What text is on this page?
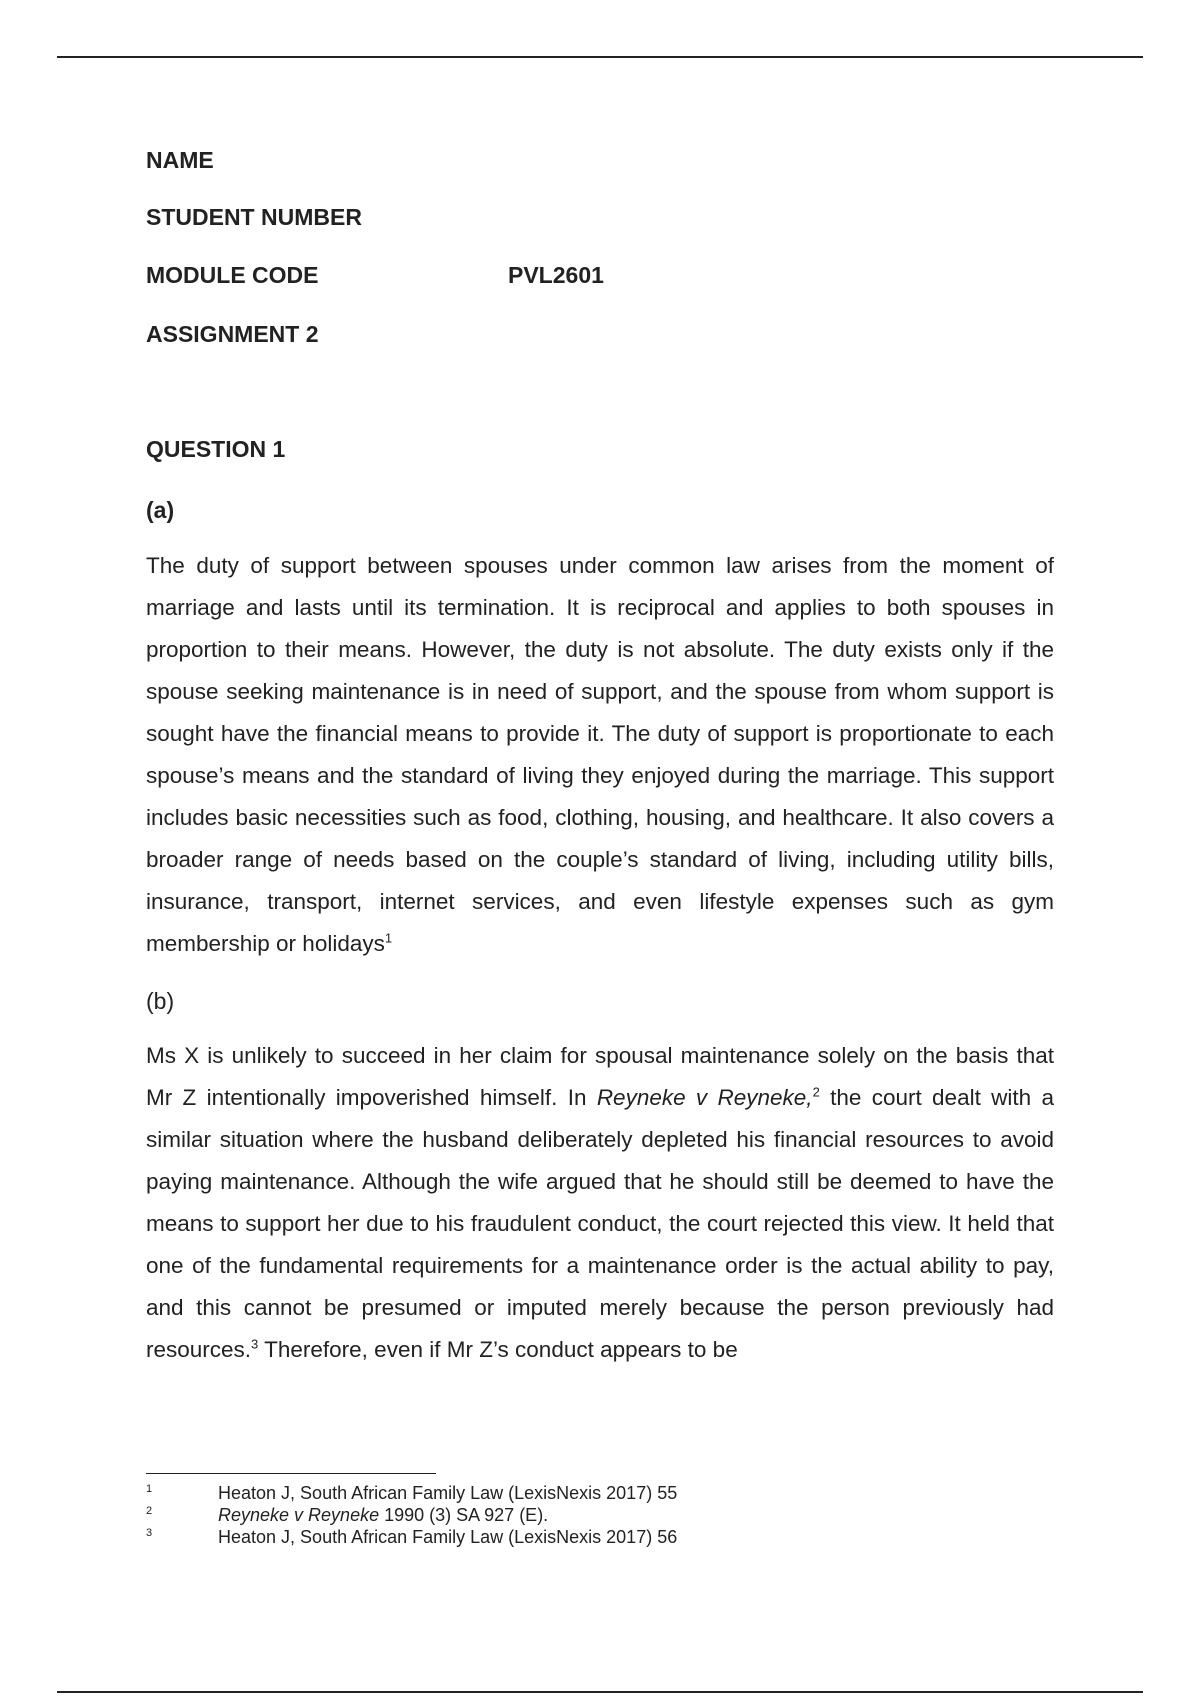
NAME
STUDENT NUMBER
MODULE CODE	PVL2601
ASSIGNMENT 2
QUESTION 1
(a)

The duty of support between spouses under common law arises from the moment of marriage and lasts until its termination. It is reciprocal and applies to both spouses in proportion to their means. However, the duty is not absolute. The duty exists only if the spouse seeking maintenance is in need of support, and the spouse from whom support is sought have the financial means to provide it. The duty of support is proportionate to each spouse’s means and the standard of living they enjoyed during the marriage. This support includes basic necessities such as food, clothing, housing, and healthcare. It also covers a broader range of needs based on the couple’s standard of living, including utility bills, insurance, transport, internet services, and even lifestyle expenses such as gym membership or holidays$^1$

(b)

Ms X is unlikely to succeed in her claim for spousal maintenance solely on the basis that Mr Z intentionally impoverished himself. In Reyneke v Reyneke,$^2$ the court dealt with a similar situation where the husband deliberately depleted his financial resources to avoid paying maintenance. Although the wife argued that he should still be deemed to have the means to support her due to his fraudulent conduct, the court rejected this view. It held that one of the fundamental requirements for a maintenance order is the actual ability to pay, and this cannot be presumed or imputed merely because the person previously had resources.$^3$ Therefore, even if Mr Z’s conduct appears to be

1	Heaton J, South African Family Law (LexisNexis 2017) 55
2	Reyneke v Reyneke 1990 (3) SA 927 (E).
3	Heaton J, South African Family Law (LexisNexis 2017) 56
